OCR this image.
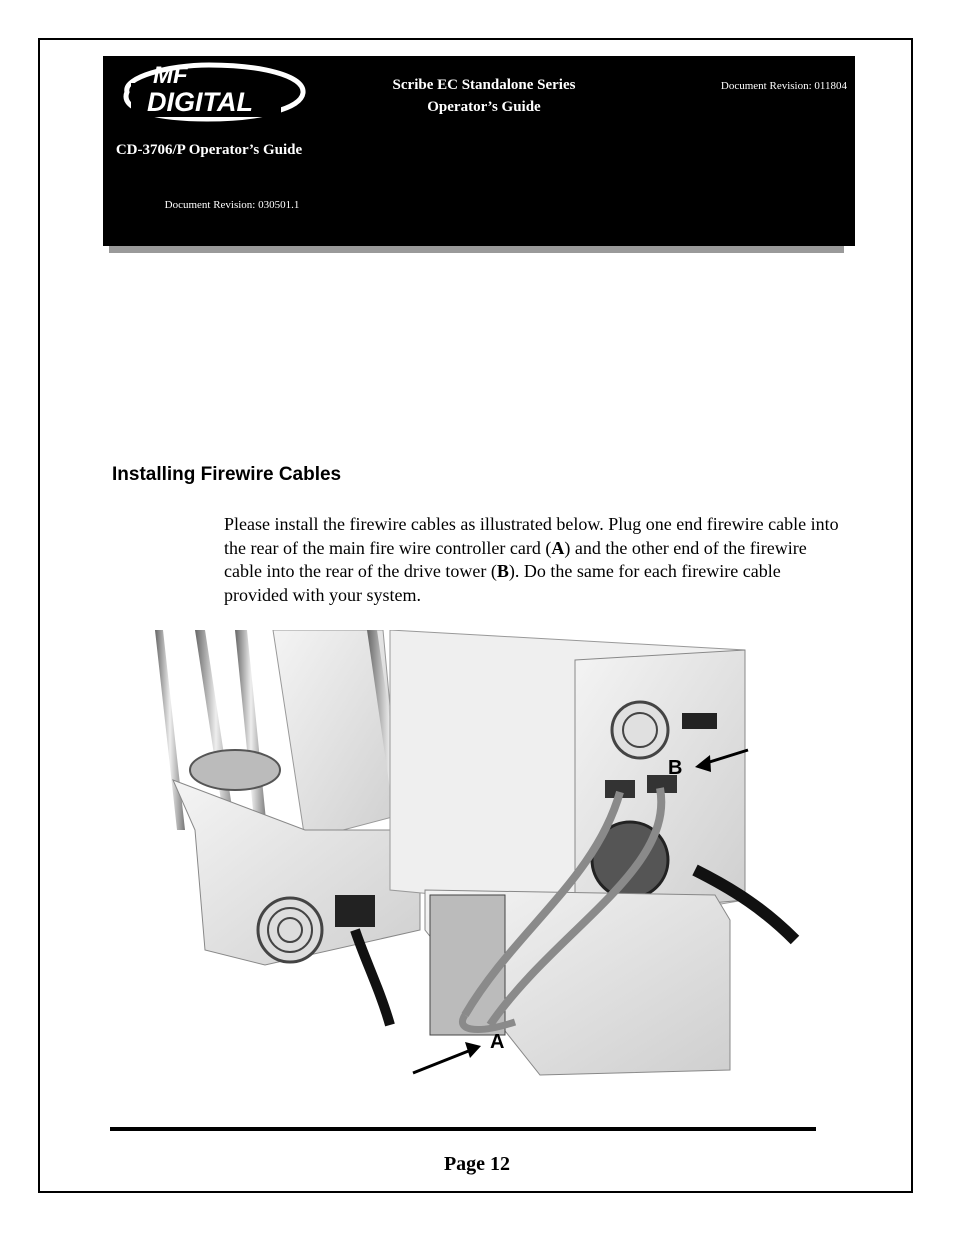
MF
DIGITAL
CD-3706/P Operator’s Guide
Document Revision: 030501.1
Scribe EC Standalone Series
Operator’s Guide
Document Revision: 011804
Installing Firewire Cables
Please install the firewire cables as illustrated below. Plug one end firewire cable into the rear of the main fire wire controller card (A) and the other end of the firewire cable into the rear of the drive tower (B). Do the same for each firewire cable provided with your system.
B
A
Page 12
